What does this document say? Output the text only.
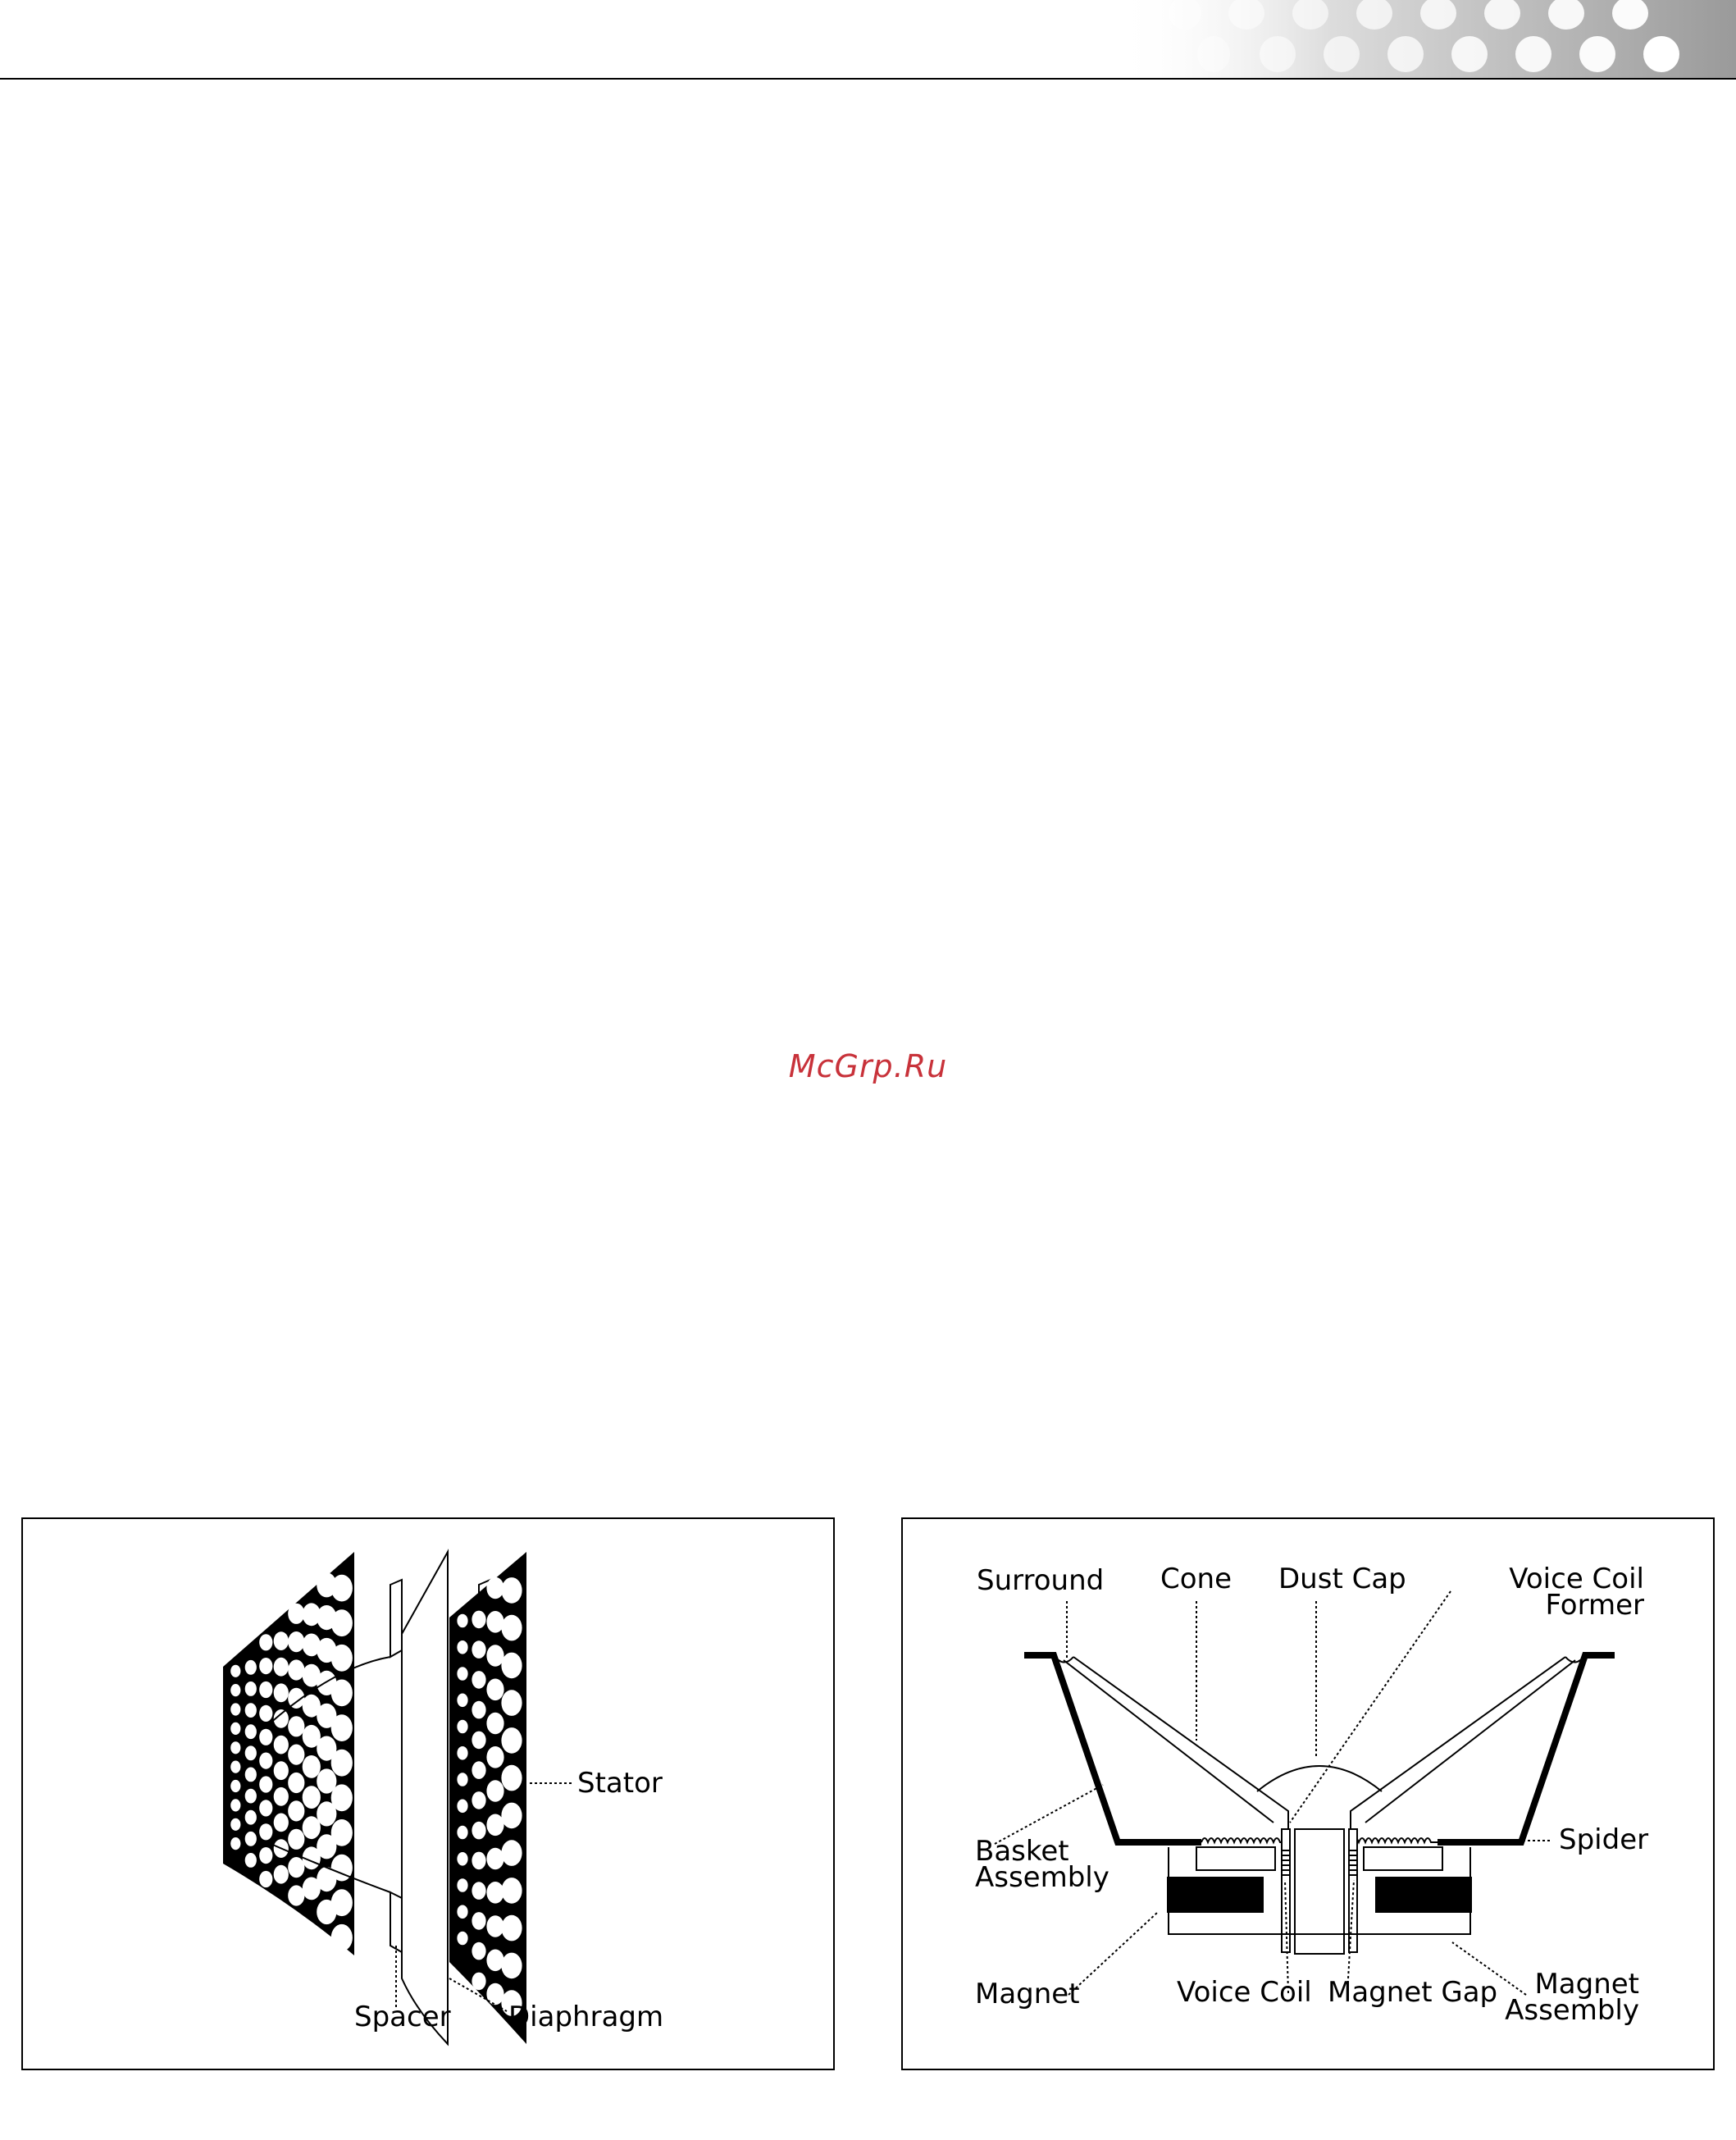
McGrp.Ru
Stator
Spacer Diaphragm
Surround Cone Dust Cap	Voice Coil
Former
Basket
Assembly
Spider
Magnet	Voice Coil Magnet Gap Magnet
Assembly
